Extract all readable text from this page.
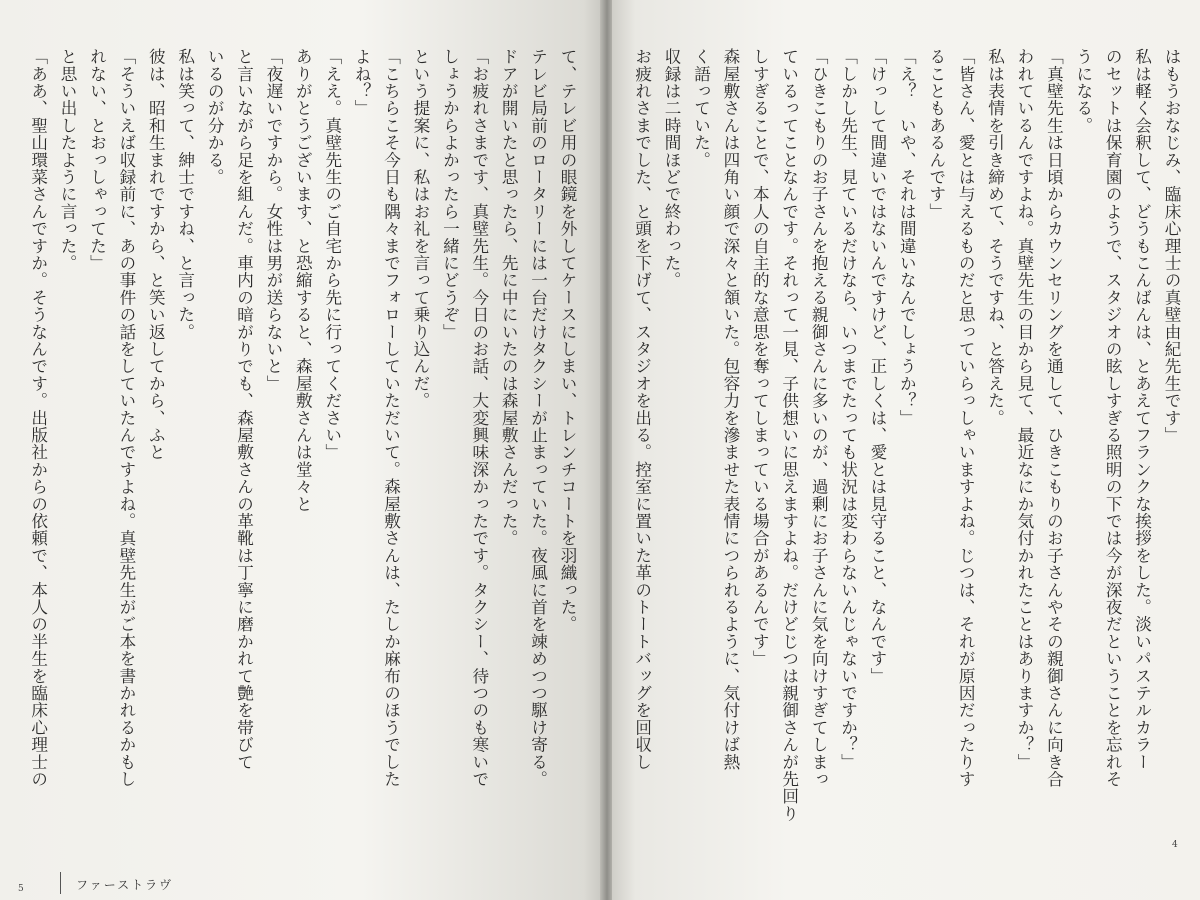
て、テレビ用の眼鏡を外してケースにしまい、トレンチコートを羽織った。
テレビ局前のロータリーには一台だけタクシーが止まっていた。夜風に首を竦めつつ駆け寄る。
ドアが開いたと思ったら、先に中にいたのは森屋敷さんだった。
「お疲れさまです、真壁先生。今日のお話、大変興味深かったです。タクシー、待つのも寒いで
しょうからよかったら一緒にどうぞ」
という提案に、私はお礼を言って乗り込んだ。
「こちらこそ今日も隅々までフォローしていただいて。森屋敷さんは、たしか麻布のほうでした
よね？」
「ええ。真壁先生のご自宅から先に行ってください」
ありがとうございます、と恐縮すると、森屋敷さんは堂々と
「夜遅いですから。女性は男が送らないと」
と言いながら足を組んだ。車内の暗がりでも、森屋敷さんの革靴は丁寧に磨かれて艶を帯びて
いるのが分かる。
私は笑って、紳士ですね、と言った。
彼は、昭和生まれですから、と笑い返してから、ふと
「そういえば収録前に、あの事件の話をしていたんですよね。真壁先生がご本を書かれるかもし
れない、とおっしゃってた」
と思い出したように言った。
「ああ、聖山環菜さんですか。そうなんです。出版社からの依頼で、本人の半生を臨床心理士の
5	ファーストラヴ
はもうおなじみ、臨床心理士の真壁由紀先生です」
私は軽く会釈して、どうもこんばんは、とあえてフランクな挨拶をした。淡いパステルカラー
のセットは保育園のようで、スタジオの眩しすぎる照明の下では今が深夜だということを忘れそ
うになる。
「真壁先生は日頃からカウンセリングを通して、ひきこもりのお子さんやその親御さんに向き合
われているんですよね。真壁先生の目から見て、最近なにか気付かれたことはありますか？」
私は表情を引き締めて、そうですね、と答えた。
「皆さん、愛とは与えるものだと思っていらっしゃいますよね。じつは、それが原因だったりす
ることもあるんです」
「え？　いや、それは間違いなんでしょうか？」
「けっして間違いではないんですけど、正しくは、愛とは見守ること、なんです」
「しかし先生、見ているだけなら、いつまでたっても状況は変わらないんじゃないですか？」
「ひきこもりのお子さんを抱える親御さんに多いのが、過剰にお子さんに気を向けすぎてしまっ
ているってことなんです。それって一見、子供想いに思えますよね。だけどじつは親御さんが先回り
しすぎることで、本人の自主的な意思を奪ってしまっている場合があるんです」
森屋敷さんは四角い顔で深々と頷いた。包容力を滲ませた表情につられるように、気付けば熱
く語っていた。
収録は二時間ほどで終わった。
お疲れさまでした、と頭を下げて、スタジオを出る。控室に置いた革のトートバッグを回収し
4
